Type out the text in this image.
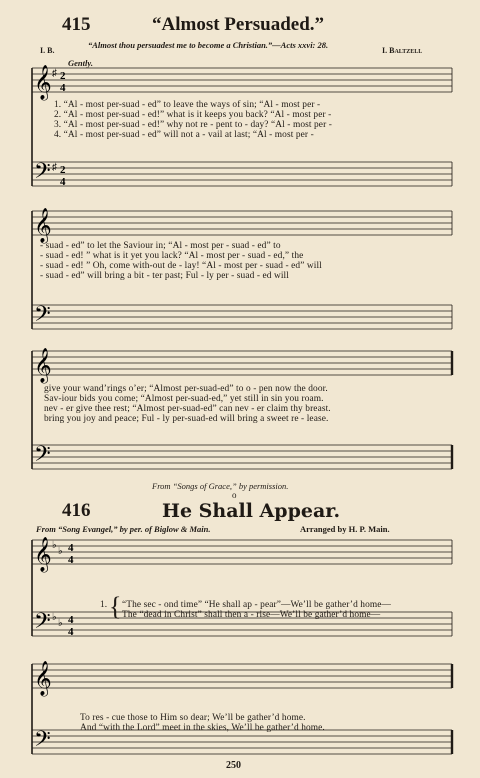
415	“Almost Persuaded.”
“Almost thou persuadest me to become a Christian.”—Acts xxvi: 28.
I. B.	I. Baltzell
Gently.
𝄞
𝄢
♯
♯
2
4
2
4
1. “Al - most per-suad - ed” to leave the ways of sin; “Al - most per -
2. “Al - most per-suad - ed!” what is it keeps you back? “Al - most per -
3. “Al - most per-suad - ed!” why not re - pent to - day? “Al - most per -
4. “Al - most per-suad - ed” will not a - vail at last; “Al - most per -
𝄞
𝄢
- suad - ed” to let the Saviour in; “Al - most per - suad - ed” to
- suad - ed! ” what is it yet you lack? “Al - most per - suad - ed,” the
- suad - ed! ” Oh, come with-out de - lay! “Al - most per - suad - ed” will
- suad - ed” will bring a bit - ter past; Ful - ly per - suad - ed will
𝄞
𝄢
give your wand’rings o’er; “Almost per-suad-ed” to o - pen now the door.
Sav-iour bids you come; “Almost per-suad-ed,” yet still in sin you roam.
nev - er give thee rest; “Almost per-suad-ed” can nev - er claim thy breast.
bring you joy and peace; Ful - ly per-suad-ed will bring a sweet re - lease.
From “Songs of Grace,” by permission.
o
416	He Shall Appear.
From “Song Evangel,” by per. of Biglow & Main.	Arranged by H. P. Main.
𝄞
𝄢
♭
♭
♭
♭
4
4
4
4
1. { “The sec - ond time” “He shall ap - pear”—We’ll be gather’d home—
The “dead in Christ” shall then a - rise—We’ll be gather’d home—
𝄞
𝄢
To res - cue those to Him so dear; We’ll be gather’d home.
And “with the Lord” meet in the skies, We’ll be gather’d home.
250
